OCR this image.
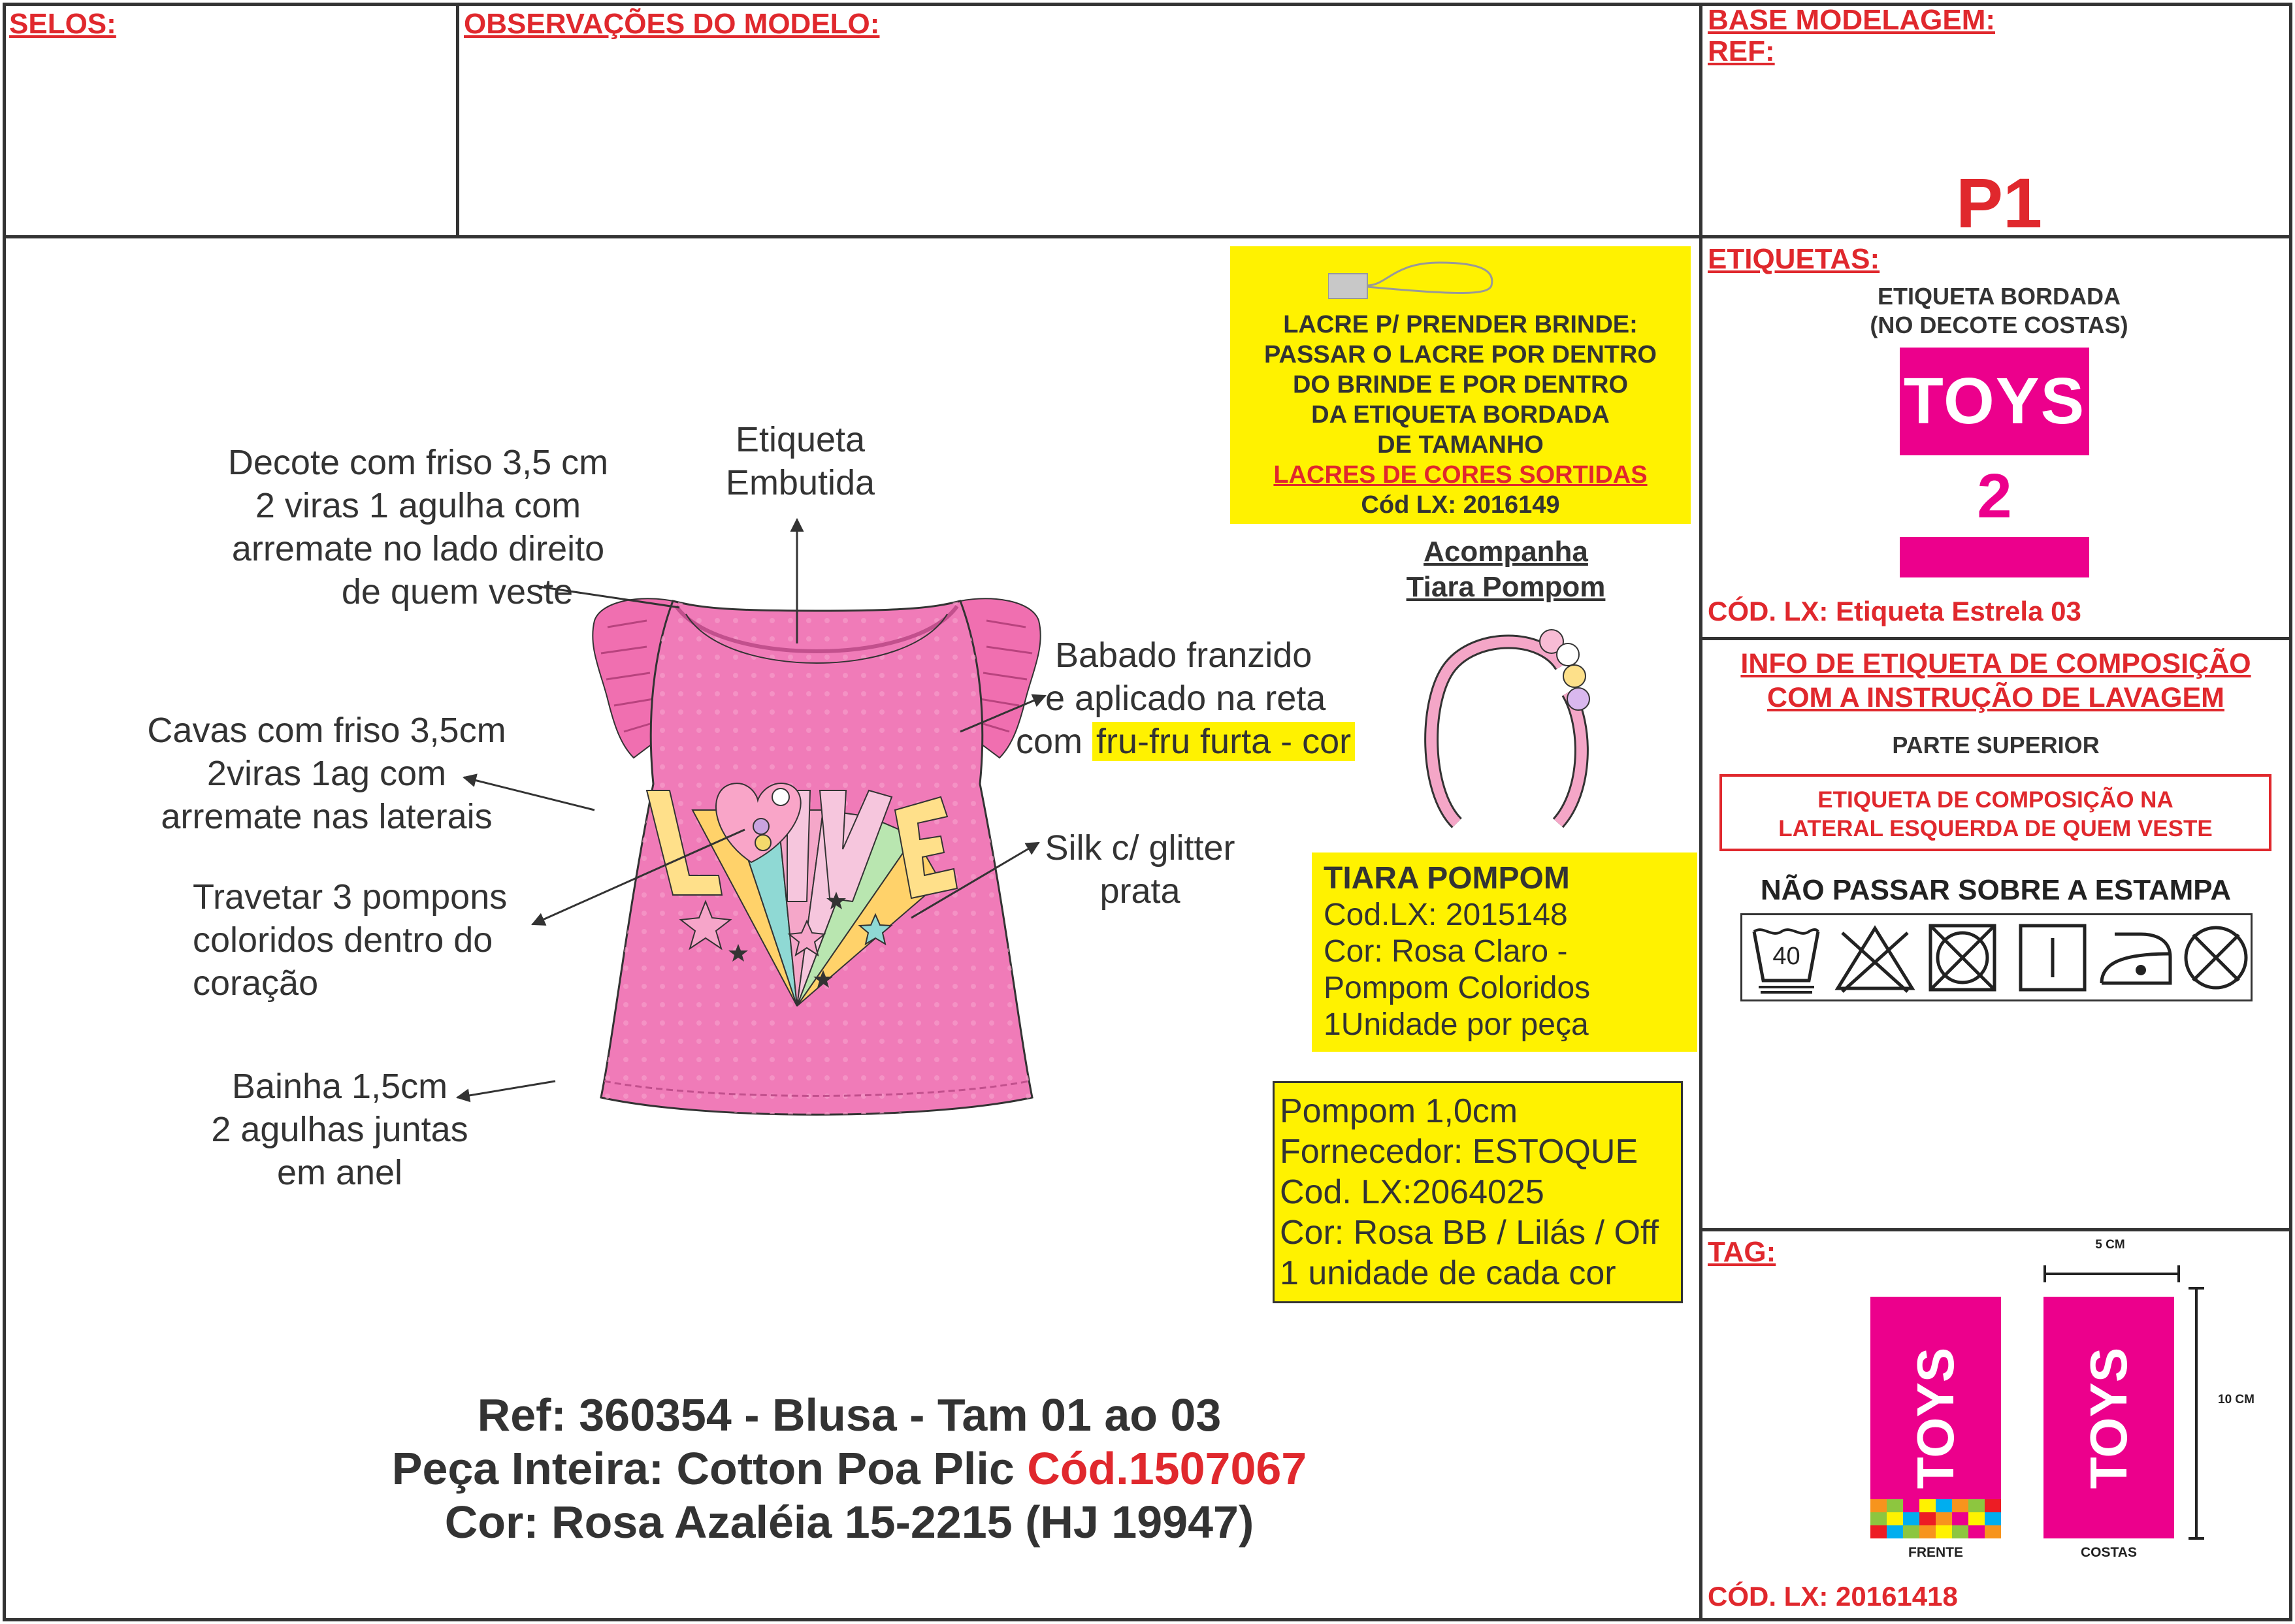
SELOS:	OBSERVAÇÕES DO MODELO:	BASE MODELAGEM:
REF:
P1
ETIQUETAS:
TAG:
Decote com friso 3,5 cm
2 viras 1 agulha com
arremate no lado direito
de quem veste
Etiqueta
Embutida
Babado franzido
e aplicado na reta
com fru-fru furta - cor
Cavas com friso 3,5cm
2viras 1ag com
arremate nas laterais
Silk c/ glitter
prata
Travetar 3 pompons
coloridos dentro do
coração
Bainha 1,5cm
2 agulhas juntas
em anel
LACRE P/ PRENDER BRINDE:
PASSAR O LACRE POR DENTRO
DO BRINDE E POR DENTRO
DA ETIQUETA BORDADA
DE TAMANHO
LACRES DE CORES SORTIDAS
Cód LX: 2016149
Acompanha
Tiara Pompom
TIARA POMPOM
Cod.LX: 2015148
Cor: Rosa Claro -
Pompom Coloridos
1Unidade por peça
Pompom 1,0cm
Fornecedor: ESTOQUE
Cod. LX:2064025
Cor: Rosa BB / Lilás / Off
1 unidade de cada cor
Ref: 360354 - Blusa - Tam 01 ao 03
Peça Inteira: Cotton Poa Plic Cód.1507067
Cor: Rosa Azaléia 15-2215 (HJ 19947)
ETIQUETA BORDADA
(NO DECOTE COSTAS)
TOYS
2
CÓD. LX: Etiqueta Estrela 03
INFO DE ETIQUETA DE COMPOSIÇÃO
COM A INSTRUÇÃO DE LAVAGEM
PARTE SUPERIOR
ETIQUETA DE COMPOSIÇÃO NA
LATERAL ESQUERDA DE QUEM VESTE
NÃO PASSAR SOBRE A ESTAMPA
40
5 CM
10 CM
TOYS
FRENTE
TOYS
COSTAS
CÓD. LX: 20161418
